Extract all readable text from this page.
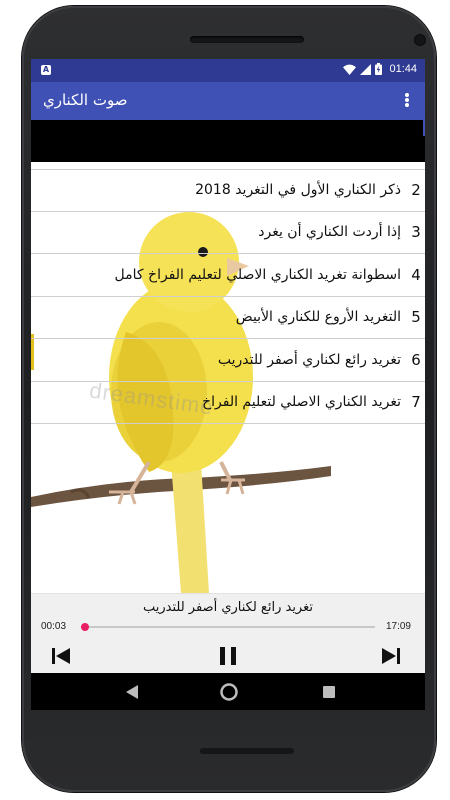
A	01:44
صوت الكناري
dreamstime
2
ذكر الكناري الأول في التغريد 2018
3
إذا أردت الكناري أن يغرد
4
اسطوانة تغريد الكناري الاصلي لتعليم الفراخ كامل
5
التغريد الأروع للكناري الأبيض
6
تغريد رائع لكناري أصفر للتدريب
7
تغريد الكناري الاصلي لتعليم الفراخ
تغريد رائع لكناري أصفر للتدريب
00:03	17:09
